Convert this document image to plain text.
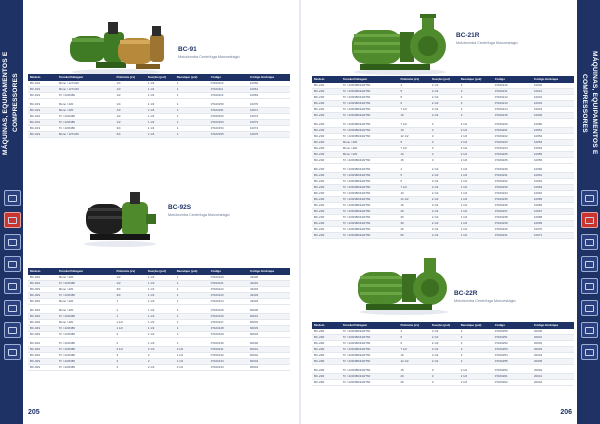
MÁQUINAS, EQUIPAMENTOS E COMPRESSORES
205
MÁQUINAS, EQUIPAMENTOS E COMPRESSORES
206
BC-91
Motobomba Centrífuga Monoestágio
Modelo	Tensão/Voltagem	Potência (cv)	Sucção (pol)	Recalque (pol)	Código	Código Embrapa
BC-91S	Mono / 127/220	1/4	1 1/4	1	07100110	10060
BC-91S	Mono / 127/220	1/3	1 1/4	1	07100111	10061
BC-91S	Tri / 220/380	1/2	1 1/4	1	07100113	10063

BC-91S	Mono / 220	1/4	1 1/4	1	07100150	10070
BC-91S	Mono / 220	1/3	1 1/4	1	07100151	10071
BC-91S	Tri / 220/380	1/2	1 1/4	1	07100152	10072
BC-91S	Tri / 220/380	1/2	1 1/4	1	07100153	10073
BC-91S	Tri / 220/380	3/4	1 1/4	1	07100154	10074
BC-91S	Mono / 127/220	3/4	1 1/4	1	07100155	10075
BC-92S
Motobomba Centrífuga Monoestágio
Modelo	Tensão/Voltagem	Potência (cv)	Sucção (pol)	Recalque (pol)	Código	Código Embrapa
BC-92S	Mono / 220	1/2	1 1/2	1	07100120	42330
BC-92S	Tri / 220/380	1/2	1 1/2	1	07100121	42331
BC-92S	Mono / 220	3/4	1 1/2	1	07100122	42332
BC-92S	Tri / 220/380	3/4	1 1/2	1	07100123	42333
BC-92S	Mono / 220	1	1 1/2	1	07100124	42334

BC-92S	Mono / 220	1	1 1/2	1	07100125	60030
BC-92S	Tri / 220/380	1	1 1/2	1	07100126	60031
BC-92S	Mono / 220	1 1/2	1 1/2	1	07100127	60032
BC-92S	Tri / 220/380	1 1/2	1 1/2	1	07100128	60033
BC-92S	Tri / 220/380	2	1 1/2	1	07100129	60034

BC-92S	Tri / 220/380	2	1 1/2	1	07100130	60040
BC-92S	Tri / 220/380	2 1/2	2 1/2	2 1/2	07100131	60041
BC-92S	Tri / 220/380	3	2	1 1/2	07100132	60042
BC-92S	Tri / 220/380	3	2	1 1/2	07100133	60043
BC-92S	Tri / 220/380	4	2 1/2	2 1/2	07100134	60044
BC-21R
Motobomba Centrífuga Monoestágio
Modelo	Tensão/Voltagem	Potência (cv)	Sucção (pol)	Recalque (pol)	Código	Código Embrapa
BC-21R	Tri / 220/380/440/760	4	2 1/2	2	07160210	10040
BC-21R	Tri / 220/380/440/760	5	2 1/2	2	07160211	10041
BC-21R	Tri / 220/380/440/760	5	2 1/2	2	07160212	10042
BC-21R	Tri / 220/380/440/760	6	2 1/2	2	07160213	10043
BC-21R	Tri / 220/380/440/760	7 1/2	2 1/2	2	07160214	10044
BC-21R	Tri / 220/380/440/760	10	2 1/2	2	07160215	10045

BC-21R	Tri / 220/380/440/760	7 1/2	3	2 1/2	07160220	10050
BC-21R	Tri / 220/380/440/760	10	3	2 1/2	07160221	10051
BC-21R	Tri / 220/380/440/760	12 1/2	3	2 1/2	07160222	10052
BC-21R	Mono / 220	5	3	2 1/2	07160223	10053
BC-21R	Mono / 220	7 1/2	3	2 1/2	07160224	10054
BC-21R	Mono / 220	10	3	2 1/2	07160225	10055
BC-21R	Tri / 220/380/440/760	15	3	2 1/2	07160226	10056

BC-21R	Tri / 220/380/440/760	4	2 1/2	1 1/2	07160230	10060
BC-21R	Tri / 220/380/440/760	5	2 1/2	1 1/2	07160231	10061
BC-21R	Tri / 220/380/440/760	6	2 1/2	1 1/2	07160232	10062
BC-21R	Tri / 220/380/440/760	7 1/2	2 1/2	1 1/2	07160233	10063
BC-21R	Tri / 220/380/440/760	10	2 1/2	1 1/2	07160234	10064
BC-21R	Tri / 220/380/440/760	12 1/2	2 1/2	1 1/2	07160235	10065
BC-21R	Tri / 220/380/440/760	15	2 1/2	1 1/2	07160236	10066
BC-21R	Tri / 220/380/440/760	20	2 1/2	1 1/2	07160237	10067
BC-21R	Tri / 220/380/440/760	25	2 1/2	1 1/2	07160238	10068
BC-21R	Tri / 220/380/440/760	30	2 1/2	1 1/2	07160239	10069
BC-21R	Tri / 220/380/440/760	40	2 1/2	1 1/2	07160240	10070
BC-21R	Tri / 220/380/440/760	50	2 1/2	1 1/2	07160241	10071
BC-22R
Motobomba Centrífuga Monoestágio
Modelo	Tensão/Voltagem	Potência (cv)	Sucção (pol)	Recalque (pol)	Código	Código Embrapa
BC-22R	Tri / 220/380/440/760	4	2 1/2	2	07160250	20030
BC-22R	Tri / 220/380/440/760	5	2 1/2	2	07160251	20031
BC-22R	Tri / 220/380/440/760	6	2 1/2	2	07160252	20032
BC-22R	Tri / 220/380/440/760	7 1/2	2 1/2	2	07160253	20033
BC-22R	Tri / 220/380/440/760	10	2 1/2	2	07160254	20034
BC-22R	Tri / 220/380/440/760	12 1/2	2 1/2	2	07160255	20035

BC-22R	Tri / 220/380/440/760	15	3	2 1/2	07160260	20040
BC-22R	Tri / 220/380/440/760	20	3	2 1/2	07160261	20041
BC-22R	Tri / 220/380/440/760	25	3	2 1/2	07160262	20042
